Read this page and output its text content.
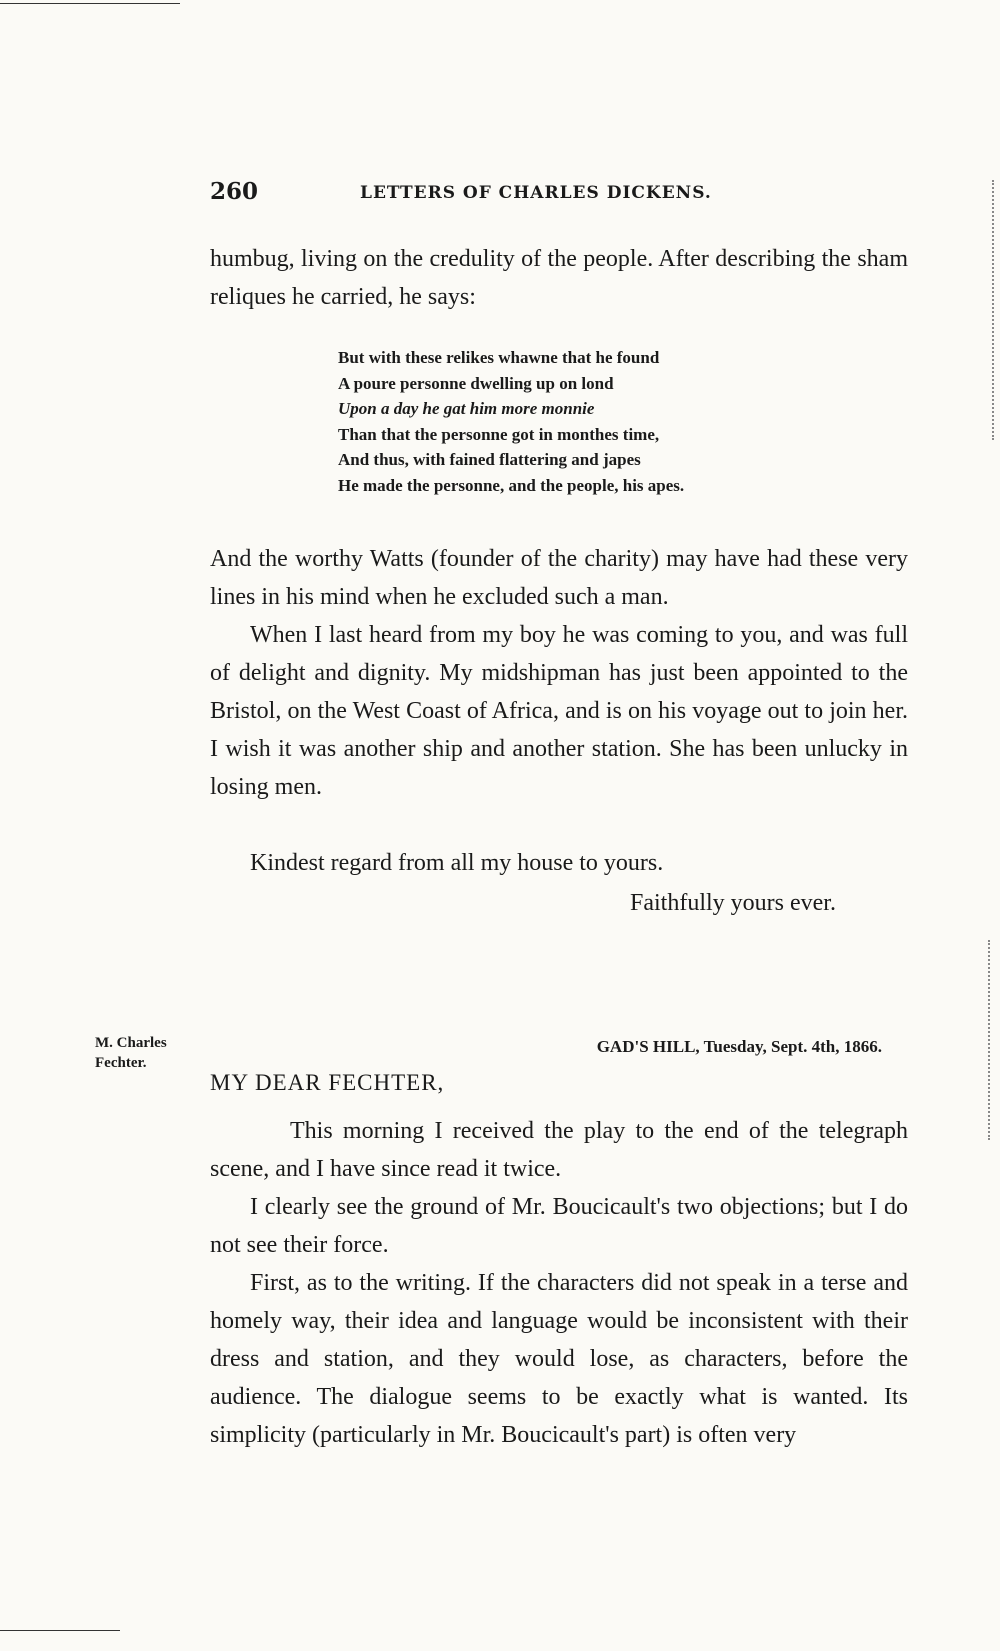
260	LETTERS OF CHARLES DICKENS.

humbug, living on the credulity of the people. After describing the sham reliques he carried, he says:

But with these relikes whawne that he found
A poure personne dwelling up on lond
Upon a day he gat him more monnie
Than that the personne got in monthes time,
And thus, with fained flattering and japes
He made the personne, and the people, his apes.

And the worthy Watts (founder of the charity) may have had these very lines in his mind when he excluded such a man.

When I last heard from my boy he was coming to you, and was full of delight and dignity. My midshipman has just been appointed to the Bristol, on the West Coast of Africa, and is on his voyage out to join her. I wish it was another ship and another station. She has been unlucky in losing men.

Kindest regard from all my house to yours.

Faithfully yours ever.
M. Charles
Fechter.
GAD'S HILL, Tuesday, Sept. 4th, 1866.
MY DEAR FECHTER,

This morning I received the play to the end of the telegraph scene, and I have since read it twice.

I clearly see the ground of Mr. Boucicault's two objections; but I do not see their force.

First, as to the writing. If the characters did not speak in a terse and homely way, their idea and language would be inconsistent with their dress and station, and they would lose, as characters, before the audience. The dialogue seems to be exactly what is wanted. Its simplicity (particularly in Mr. Boucicault's part) is often very
